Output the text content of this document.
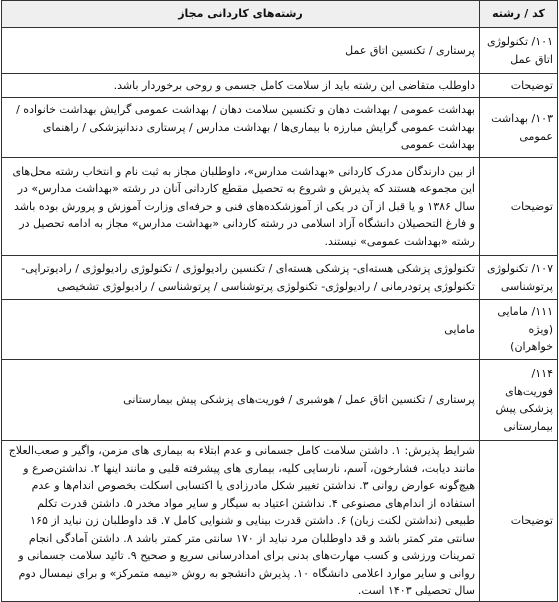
کد / رشته	رشته‌های کاردانی مجاز
۱۰۱/ تکنولوژی اتاق عمل	پرستاری / تکنسین اتاق عمل
توضیحات	داوطلب متقاضی این رشته باید از سلامت کامل جسمی و روحی برخوردار باشد.
۱۰۳/ بهداشت عمومی	بهداشت عمومی / بهداشت دهان و تکنسین سلامت دهان / بهداشت عمومی گرایش بهداشت خانواده / بهداشت عمومی گرایش مبارزه با بیماری‌ها / بهداشت مدارس / پرستاری دندانپزشکی / راهنمای بهداشت عمومی
توضیحات	از بین دارندگان مدرک کاردانی «بهداشت مدارس»، داوطلبان مجاز به ثبت نام و انتخاب رشته محل‌های این مجموعه هستند که پذیرش و شروع به تحصیل مقطع کاردانی آنان در رشته «بهداشت مدارس» در سال ۱۳۸۶ و یا قبل از آن در یکی از آموزشکده‌های فنی و حرفه‌ای وزارت آموزش و پرورش بوده باشد و فارغ التحصیلان دانشگاه آزاد اسلامی در رشته کاردانی «بهداشت مدارس» مجاز به ادامه تحصیل در رشته «بهداشت عمومی» نیستند.
۱۰۷/ تکنولوژی پرتوشناسی	تکنولوژی پزشکی هسته‌ای- پزشکی هسته‌ای / تکنسین رادیولوژی / تکنولوژی رادیولوژی / رادیوتراپی- تکنولوژی پرتودرمانی / رادیولوژی- تکنولوژی پرتوشناسی / پرتوشناسی / رادیولوژی تشخیصی
۱۱۱/ مامایی (ویژه خواهران)	مامایی
۱۱۴/ فوریت‌های پزشکی پیش بیمارستانی	پرستاری / تکنسین اتاق عمل / هوشبری / فوریت‌های پزشکی پیش بیمارستانی
توضیحات	شرایط پذیرش: ۱. داشتن سلامت کامل جسمانی و عدم ابتلاء به بیماری های مزمن، واگیر و صعب‌العلاج مانند دیابت، فشارخون، آسم، نارسایی کلیه، بیماری های پیشرفته قلبی و مانند اینها ۲. نداشتن‌صرع و هیچ‌گونه عوارض روانی ۳. نداشتن تغییر شکل مادرزادی یا اکتسابی اسکلت بخصوص اندام‌ها و عدم استفاده از اندام‌های مصنوعی ۴. نداشتن اعتیاد به سیگار و سایر مواد مخدر ۵. داشتن قدرت تکلم طبیعی (نداشتن لکنت زبان) ۶. داشتن قدرت بینایی و شنوایی کامل ۷. قد داوطلبان زن نباید از ۱۶۵ سانتی متر کمتر باشد و قد داوطلبان مرد نباید از ۱۷۰ سانتی متر کمتر باشد ۸. داشتن آمادگی انجام تمرینات ورزشی و کسب مهارت‌های بدنی برای امدادرسانی سریع و صحیح ۹. تائید سلامت جسمانی و روانی و سایر موارد اعلامی دانشگاه ۱۰. پذیرش دانشجو به روش «نیمه متمرکز» و برای نیمسال دوم سال تحصیلی ۱۴۰۳ است.
